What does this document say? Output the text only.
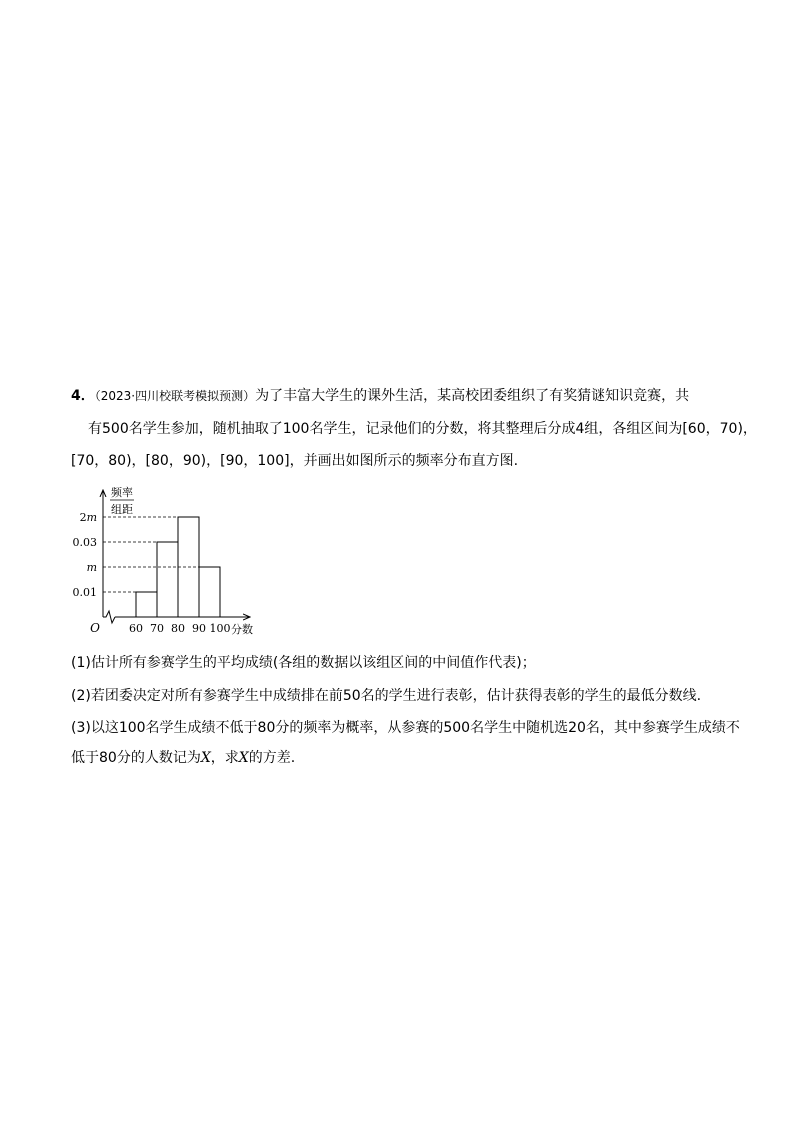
4．（2023·四川校联考模拟预测）为了丰富大学生的课外生活，某高校团委组织了有奖猜谜知识竞赛，共
有500名学生参加，随机抽取了100名学生，记录他们的分数，将其整理后分成4组，各组区间为[60，70)，
[70，80)，[80，90)，[90，100]，并画出如图所示的频率分布直方图.
频率
组距
O
0.01
m
0.03
2m
60 70 80 90 100 分数
(1)估计所有参赛学生的平均成绩(各组的数据以该组区间的中间值作代表)；
(2)若团委决定对所有参赛学生中成绩排在前50名的学生进行表彰，估计获得表彰的学生的最低分数线.
(3)以这100名学生成绩不低于80分的频率为概率，从参赛的500名学生中随机选20名，其中参赛学生成绩不
低于80分的人数记为X，求X的方差.
